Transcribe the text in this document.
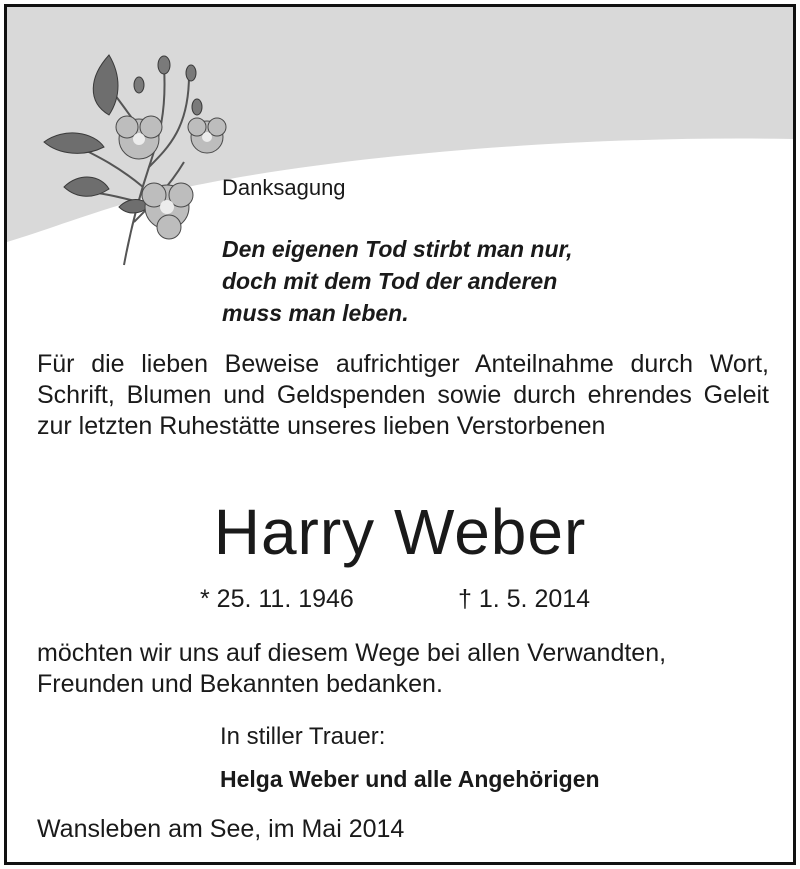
Danksagung
Den eigenen Tod stirbt man nur,
doch mit dem Tod der anderen
muss man leben.
Für die lieben Beweise aufrichtiger Anteilnahme durch Wort, Schrift, Blumen und Geldspenden sowie durch ehrendes Geleit zur letzten Ruhestätte unseres lieben Verstorbenen
Harry Weber
* 25. 11. 1946	† 1. 5. 2014
möchten wir uns auf diesem Wege bei allen Verwandten, Freunden und Bekannten bedanken.
In stiller Trauer:
Helga Weber und alle Angehörigen
Wansleben am See, im Mai 2014
